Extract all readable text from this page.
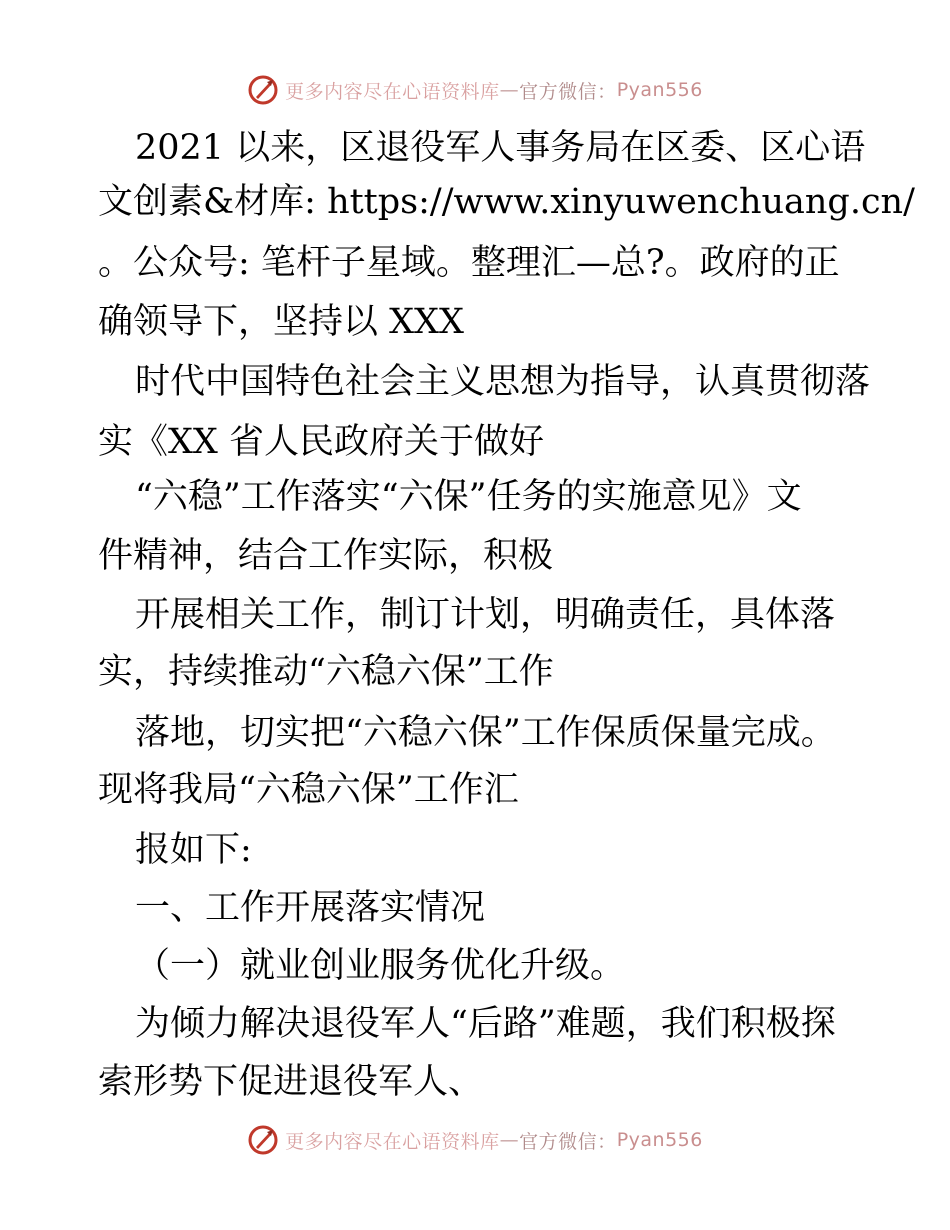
更多内容尽在心语资料库 — 官方微信： Pyan556
2021 以来，区退役军人事务局在区委、区心语
文创素&材库: https://www.xinyuwenchuang.cn/
。公众号: 笔杆子星域。整理汇—总?。政府的正
确领导下，坚持以 XXX
时代中国特色社会主义思想为指导，认真贯彻落
实《XX 省人民政府关于做好
“六稳”工作落实“六保”任务的实施意见》文
件精神，结合工作实际，积极
开展相关工作，制订计划，明确责任，具体落
实，持续推动“六稳六保”工作
落地，切实把“六稳六保”工作保质保量完成。
现将我局“六稳六保”工作汇
报如下:
一、工作开展落实情况
（一）就业创业服务优化升级。
为倾力解决退役军人“后路”难题，我们积极探
索形势下促进退役军人、
更多内容尽在心语资料库 — 官方微信： Pyan556
